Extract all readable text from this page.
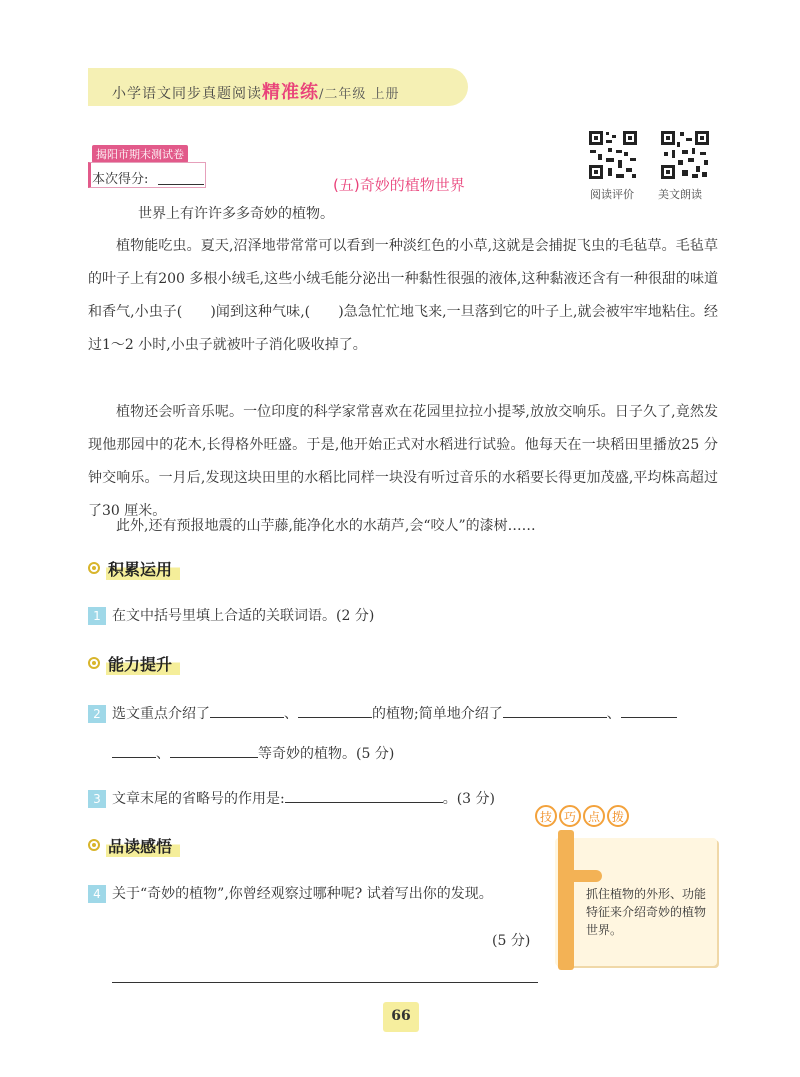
小学语文同步真题阅读精准练/二年级 上册
揭阳市期末测试卷
本次得分:	(五)奇妙的植物世界
阅读评价 美文朗读
世界上有许许多多奇妙的植物。
植物能吃虫。夏天,沼泽地带常常可以看到一种淡红色的小草,这就是会捕捉飞虫的毛毡草。毛毡草的叶子上有200 多根小绒毛,这些小绒毛能分泌出一种黏性很强的液体,这种黏液还含有一种很甜的味道和香气,小虫子(　　)闻到这种气味,(　　)急急忙忙地飞来,一旦落到它的叶子上,就会被牢牢地粘住。经过1～2 小时,小虫子就被叶子消化吸收掉了。
植物还会听音乐呢。一位印度的科学家常喜欢在花园里拉拉小提琴,放放交响乐。日子久了,竟然发现他那园中的花木,长得格外旺盛。于是,他开始正式对水稻进行试验。他每天在一块稻田里播放25 分钟交响乐。一月后,发现这块田里的水稻比同样一块没有听过音乐的水稻要长得更加茂盛,平均株高超过了30 厘米。
此外,还有预报地震的山芋藤,能净化水的水葫芦,会“咬人”的漆树……
积累运用
1 在文中括号里填上合适的关联词语。(2 分)
能力提升
2 选文重点介绍了	、	的植物;简单地介绍了	、
、	等奇妙的植物。(5 分)
3 文章末尾的省略号的作用是:	。(3 分)
品读感悟
4 关于“奇妙的植物”,你曾经观察过哪种呢? 试着写出你的发现。
(5 分)
技 巧 点 拨
抓住植物的外形、功能特征来介绍奇妙的植物世界。
66
